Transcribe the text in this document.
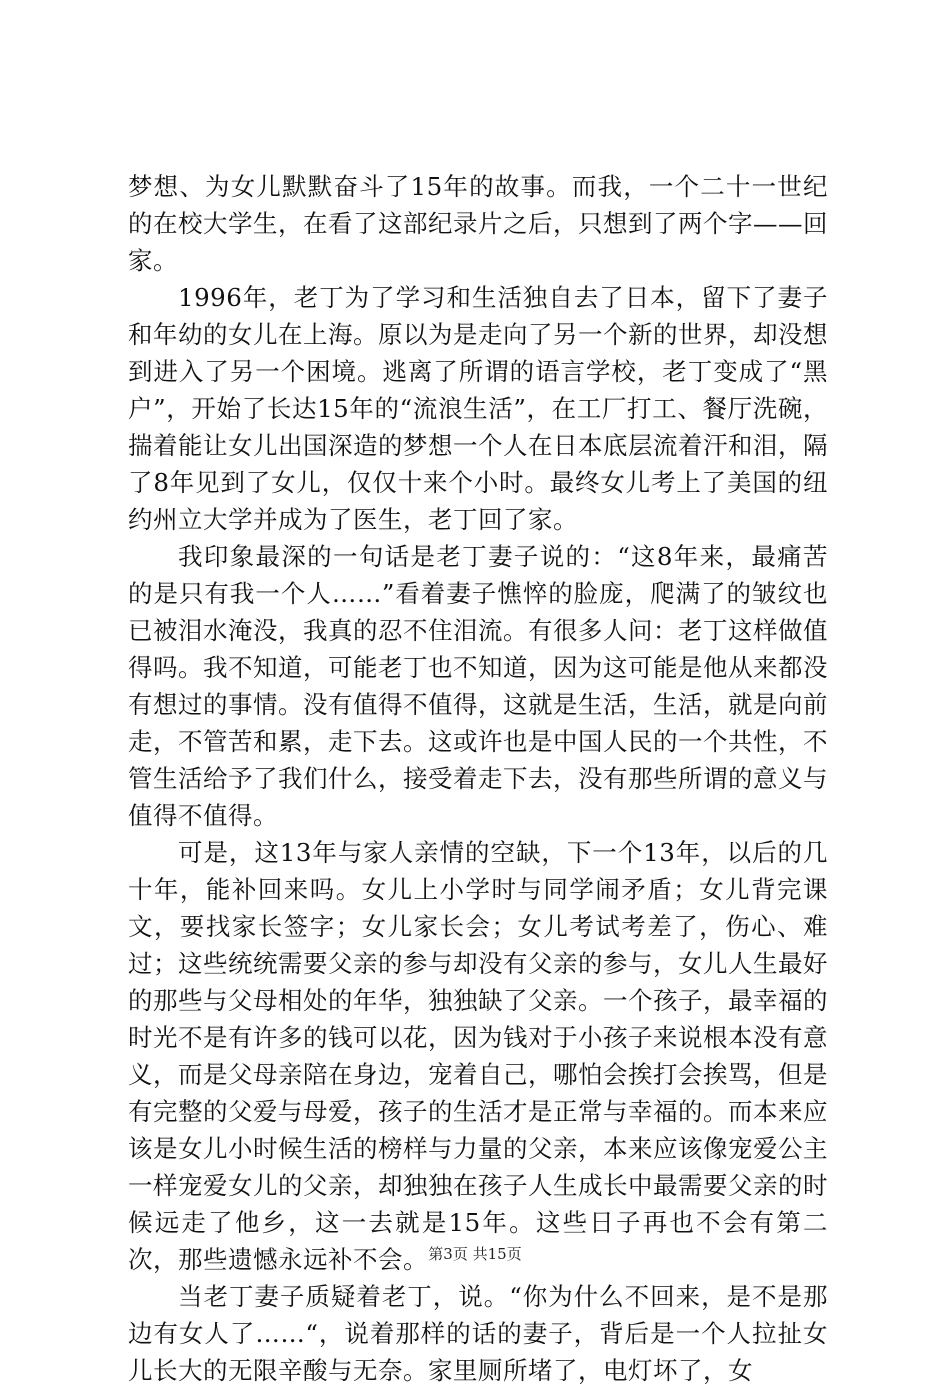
梦想、为女儿默默奋斗了15年的故事。而我，一个二十一世纪的在校大学生，在看了这部纪录片之后，只想到了两个字——回家。

1996年，老丁为了学习和生活独自去了日本，留下了妻子和年幼的女儿在上海。原以为是走向了另一个新的世界，却没想到进入了另一个困境。逃离了所谓的语言学校，老丁变成了“黑户”，开始了长达15年的“流浪生活”，在工厂打工、餐厅洗碗，揣着能让女儿出国深造的梦想一个人在日本底层流着汗和泪，隔了8年见到了女儿，仅仅十来个小时。最终女儿考上了美国的纽约州立大学并成为了医生，老丁回了家。

我印象最深的一句话是老丁妻子说的：“这8年来，最痛苦的是只有我一个人……”看着妻子憔悴的脸庞，爬满了的皱纹也已被泪水淹没，我真的忍不住泪流。有很多人问：老丁这样做值得吗。我不知道，可能老丁也不知道，因为这可能是他从来都没有想过的事情。没有值得不值得，这就是生活，生活，就是向前走，不管苦和累，走下去。这或许也是中国人民的一个共性，不管生活给予了我们什么，接受着走下去，没有那些所谓的意义与值得不值得。

可是，这13年与家人亲情的空缺，下一个13年，以后的几十年，能补回来吗。女儿上小学时与同学闹矛盾；女儿背完课文，要找家长签字；女儿家长会；女儿考试考差了，伤心、难过；这些统统需要父亲的参与却没有父亲的参与，女儿人生最好的那些与父母相处的年华，独独缺了父亲。一个孩子，最幸福的时光不是有许多的钱可以花，因为钱对于小孩子来说根本没有意义，而是父母亲陪在身边，宠着自己，哪怕会挨打会挨骂，但是有完整的父爱与母爱，孩子的生活才是正常与幸福的。而本来应该是女儿小时候生活的榜样与力量的父亲，本来应该像宠爱公主一样宠爱女儿的父亲，却独独在孩子人生成长中最需要父亲的时候远走了他乡，这一去就是15年。这些日子再也不会有第二次，那些遗憾永远补不会。

当老丁妻子质疑着老丁，说。“你为什么不回来，是不是那边有女人了……“，说着那样的话的妻子，背后是一个人拉扯女儿长大的无限辛酸与无奈。家里厕所堵了，电灯坏了，女

第3页 共15页
